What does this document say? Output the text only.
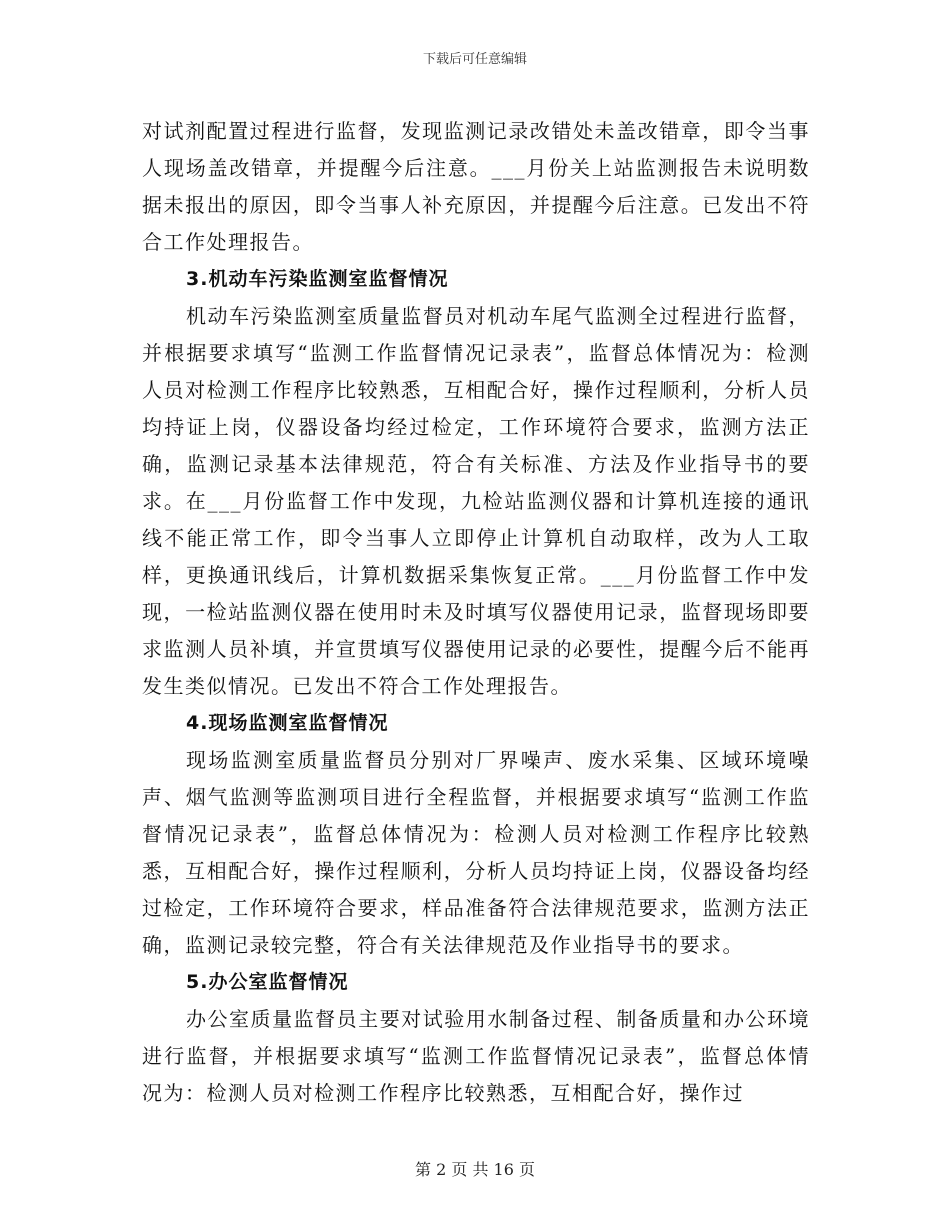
下载后可任意编辑

对试剂配置过程进行监督，发现监测记录改错处未盖改错章，即令当事人现场盖改错章，并提醒今后注意。___月份关上站监测报告未说明数据未报出的原因，即令当事人补充原因，并提醒今后注意。已发出不符合工作处理报告。

3.机动车污染监测室监督情况

机动车污染监测室质量监督员对机动车尾气监测全过程进行监督，并根据要求填写“监测工作监督情况记录表”，监督总体情况为：检测人员对检测工作程序比较熟悉，互相配合好，操作过程顺利，分析人员均持证上岗，仪器设备均经过检定，工作环境符合要求，监测方法正确，监测记录基本法律规范，符合有关标准、方法及作业指导书的要求。在___月份监督工作中发现，九检站监测仪器和计算机连接的通讯线不能正常工作，即令当事人立即停止计算机自动取样，改为人工取样，更换通讯线后，计算机数据采集恢复正常。___月份监督工作中发现，一检站监测仪器在使用时未及时填写仪器使用记录，监督现场即要求监测人员补填，并宣贯填写仪器使用记录的必要性，提醒今后不能再发生类似情况。已发出不符合工作处理报告。

4.现场监测室监督情况

现场监测室质量监督员分别对厂界噪声、废水采集、区域环境噪声、烟气监测等监测项目进行全程监督，并根据要求填写“监测工作监督情况记录表”，监督总体情况为：检测人员对检测工作程序比较熟悉，互相配合好，操作过程顺利，分析人员均持证上岗，仪器设备均经过检定，工作环境符合要求，样品准备符合法律规范要求，监测方法正确，监测记录较完整，符合有关法律规范及作业指导书的要求。

5.办公室监督情况

办公室质量监督员主要对试验用水制备过程、制备质量和办公环境进行监督，并根据要求填写“监测工作监督情况记录表”，监督总体情况为：检测人员对检测工作程序比较熟悉，互相配合好，操作过

第 2 页 共 16 页
